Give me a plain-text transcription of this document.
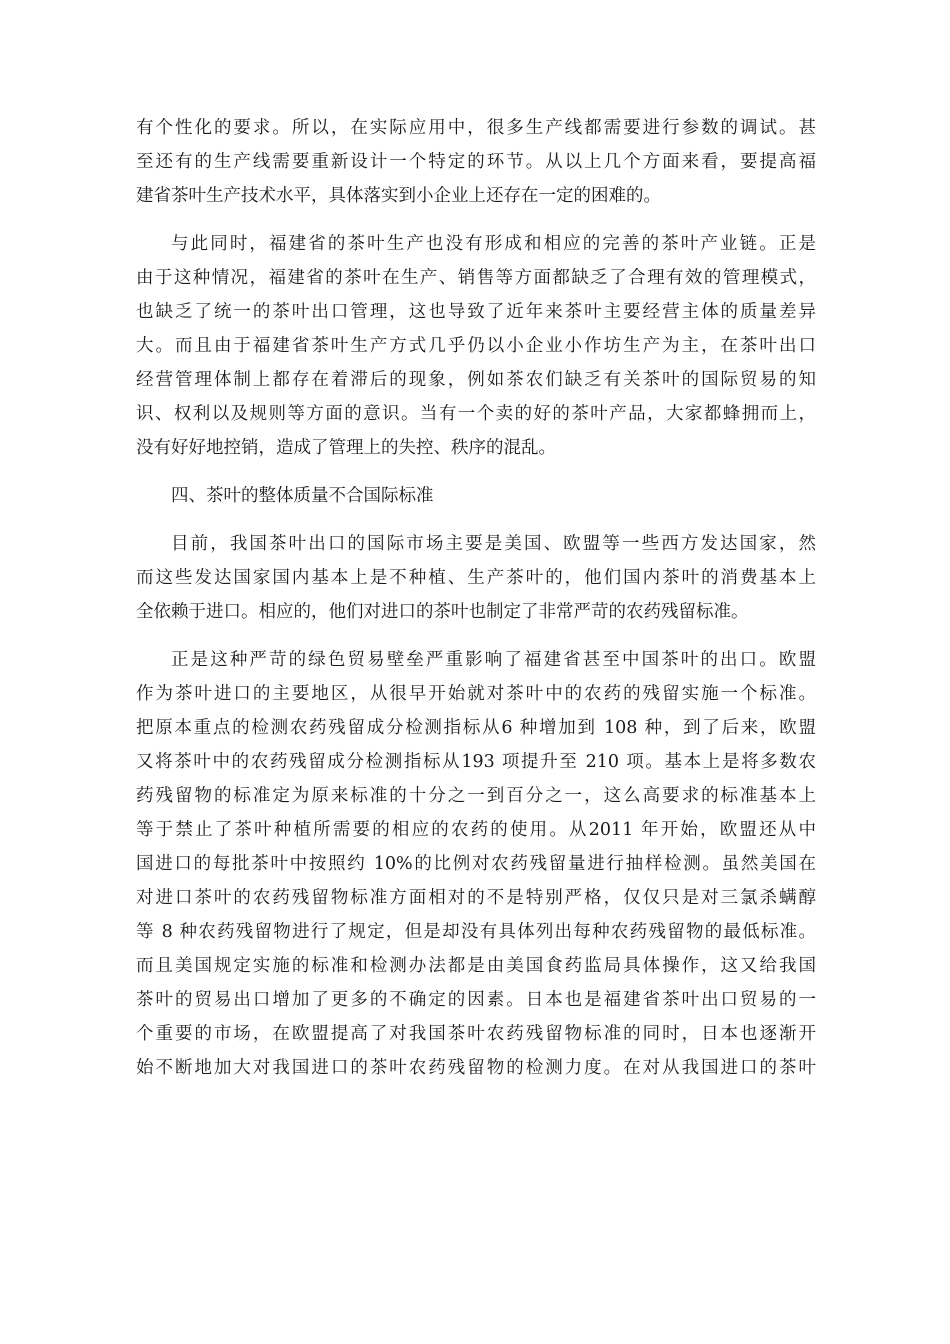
有个性化的要求。所以，在实际应用中，很多生产线都需要进行参数的调试。甚
至还有的生产线需要重新设计一个特定的环节。从以上几个方面来看，要提高福
建省茶叶生产技术水平，具体落实到小企业上还存在一定的困难的。
与此同时，福建省的茶叶生产也没有形成和相应的完善的茶叶产业链。正是
由于这种情况，福建省的茶叶在生产、销售等方面都缺乏了合理有效的管理模式，
也缺乏了统一的茶叶出口管理，这也导致了近年来茶叶主要经营主体的质量差异
大。而且由于福建省茶叶生产方式几乎仍以小企业小作坊生产为主，在茶叶出口
经营管理体制上都存在着滞后的现象，例如茶农们缺乏有关茶叶的国际贸易的知
识、权利以及规则等方面的意识。当有一个卖的好的茶叶产品，大家都蜂拥而上，
没有好好地控销，造成了管理上的失控、秩序的混乱。
四、茶叶的整体质量不合国际标准
目前，我国茶叶出口的国际市场主要是美国、欧盟等一些西方发达国家，然
而这些发达国家国内基本上是不种植、生产茶叶的，他们国内茶叶的消费基本上
全依赖于进口。相应的，他们对进口的茶叶也制定了非常严苛的农药残留标准。
正是这种严苛的绿色贸易壁垒严重影响了福建省甚至中国茶叶的出口。欧盟
作为茶叶进口的主要地区，从很早开始就对茶叶中的农药的残留实施一个标准。
把原本重点的检测农药残留成分检测指标从6 种增加到 108 种，到了后来，欧盟
又将茶叶中的农药残留成分检测指标从193 项提升至 210 项。基本上是将多数农
药残留物的标准定为原来标准的十分之一到百分之一，这么高要求的标准基本上
等于禁止了茶叶种植所需要的相应的农药的使用。从2011 年开始，欧盟还从中
国进口的每批茶叶中按照约 10%的比例对农药残留量进行抽样检测。虽然美国在
对进口茶叶的农药残留物标准方面相对的不是特别严格，仅仅只是对三氯杀螨醇
等 8 种农药残留物进行了规定，但是却没有具体列出每种农药残留物的最低标准。
而且美国规定实施的标准和检测办法都是由美国食药监局具体操作，这又给我国
茶叶的贸易出口增加了更多的不确定的因素。日本也是福建省茶叶出口贸易的一
个重要的市场，在欧盟提高了对我国茶叶农药残留物标准的同时，日本也逐渐开
始不断地加大对我国进口的茶叶农药残留物的检测力度。在对从我国进口的茶叶
